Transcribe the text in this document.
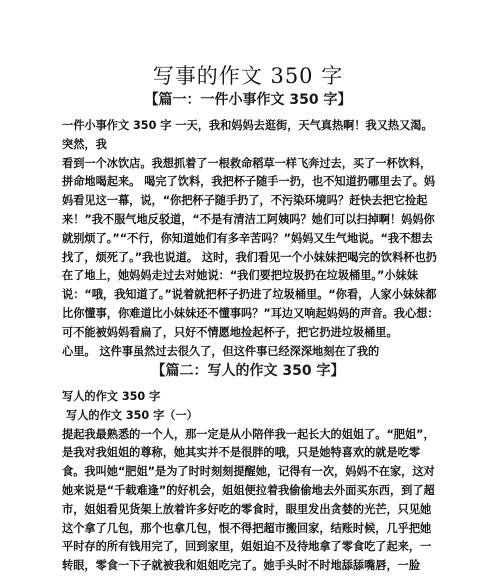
写事的作文 350 字
【篇一：一件小事作文 350 字】

一件小事作文 350 字 一天，我和妈妈去逛街，天气真热啊！我又热又渴。突然，我

看到一个冰饮店。我想抓着了一根救命稻草一样飞奔过去，买了一杯饮料，拼命地喝起来。 喝完了饮料，我把杯子随手一扔，也不知道扔哪里去了。妈妈看见这一幕，说，“你把杯子随手扔了，不污染环境吗？赶快去把它捡起来！”我不服气地反驳道，“不是有清洁工阿姨吗？她们可以扫掉啊！妈妈你就别烦了。”“不行，你知道她们有多辛苦吗？”妈妈又生气地说。“我不想去找了，烦死了。”我也说道。 这时，我们看见一个小妹妹把喝完的饮料杯也扔在了地上，她妈妈走过去对她说：“我们要把垃圾扔在垃圾桶里。”小妹妹说：“哦，我知道了。”说着就把杯子扔进了垃圾桶里。“你看，人家小妹妹都比你懂事，你难道比小妹妹还不懂事吗？”耳边又响起妈妈的声音。我心想：可不能被妈妈看扁了，只好不情愿地捡起杯子，把它扔进垃圾桶里。

心里。 这件事虽然过去很久了，但这件事已经深深地刻在了我的

【篇二：写人的作文 350 字】

写人的作文 350 字

写人的作文 350 字（一）

提起我最熟悉的一个人，那一定是从小陪伴我一起长大的姐姐了。“肥姐”，是我对我姐姐的尊称，她其实并不是很胖的哦，只是她特喜欢的就是吃零食。我叫她“肥姐”是为了时时刻刻提醒她，记得有一次，妈妈不在家，这对她来说是“千载难逢”的好机会，姐姐便拉着我偷偷地去外面买东西，到了超市，姐姐看见货架上放着许多好吃的零食时，眼里发出贪婪的光芒，只见她这个拿了几包，那个也拿几包，恨不得把超市搬回家，结账时候，几乎把她平时存的所有钱用完了，回到家里，姐姐迫不及待地拿了零食吃了起来，一转眼，零食一下子就被我和姐姐吃完了。她手头时不时地舔舔嘴唇，一脸
